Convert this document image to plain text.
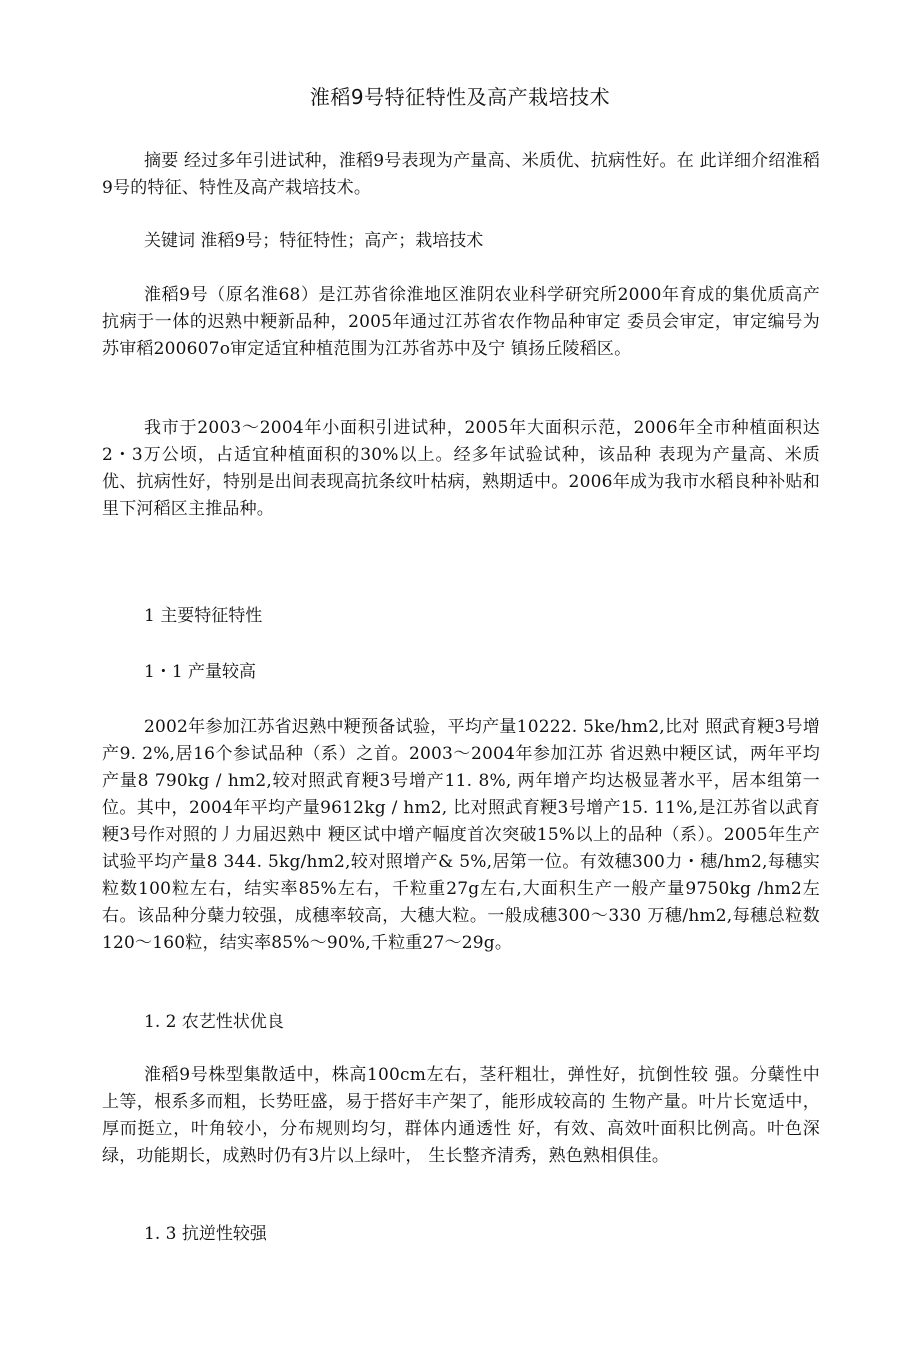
淮稻9号特征特性及高产栽培技术
摘要 经过多年引进试种，淮稻9号表现为产量高、米质优、抗病性好。在 此详细介绍淮稻9号的特征、特性及高产栽培技术。
关键词 淮稻9号；特征特性；高产；栽培技术
淮稻9号（原名淮68）是江苏省徐淮地区淮阴农业科学研究所2000年育成的集优质高产抗病于一体的迟熟中粳新品种，2005年通过江苏省农作物品种审定 委员会审定，审定编号为苏审稻200607o审定适宜种植范围为江苏省苏中及宁 镇扬丘陵稻区。
我市于2003～2004年小面积引进试种，2005年大面积示范，2006年全市种植面积达2・3万公顷，占适宜种植面积的30%以上。经多年试验试种，该品种 表现为产量高、米质优、抗病性好，特别是出间表现高抗条纹叶枯病，熟期适中。2006年成为我市水稻良种补贴和里下河稻区主推品种。
1 主要特征特性
1・1 产量较高
2002年参加江苏省迟熟中粳预备试验，平均产量10222. 5ke/hm2,比对 照武育粳3号增产9. 2%,居16个参试品种（系）之首。2003～2004年参加江苏 省迟熟中粳区试，两年平均产量8 790kg / hm2,较对照武育粳3号增产11. 8%, 两年增产均达极显著水平，居本组第一位。其中，2004年平均产量9612kg / hm2, 比对照武育粳3号增产15. 11%,是江苏省以武育粳3号作对照的丿力届迟熟中 粳区试中增产幅度首次突破15%以上的品种（系）。2005年生产试验平均产量8 344. 5kg/hm2,较对照增产& 5%,居第一位。有效穗300力・穗/hm2,每穗实 粒数100粒左右，结实率85%左右，千粒重27g左右,大面积生产一般产量9750kg /hm2左右。该品种分蘖力较强，成穗率较高，大穗大粒。一般成穗300～330 万穗/hm2,每穗总粒数120～160粒，结实率85%～90%,千粒重27～29g。
1. 2 农艺性状优良
淮稻9号株型集散适中，株高100cm左右，茎秆粗壮，弹性好，抗倒性较 强。分蘖性中上等，根系多而粗，长势旺盛，易于搭好丰产架了，能形成较高的 生物产量。叶片长宽适中，厚而挺立，叶角较小，分布规则均匀，群体内通透性 好，有效、高效叶面积比例高。叶色深绿，功能期长，成熟时仍有3片以上绿叶， 生长整齐清秀，熟色熟相俱佳。
1. 3 抗逆性较强
